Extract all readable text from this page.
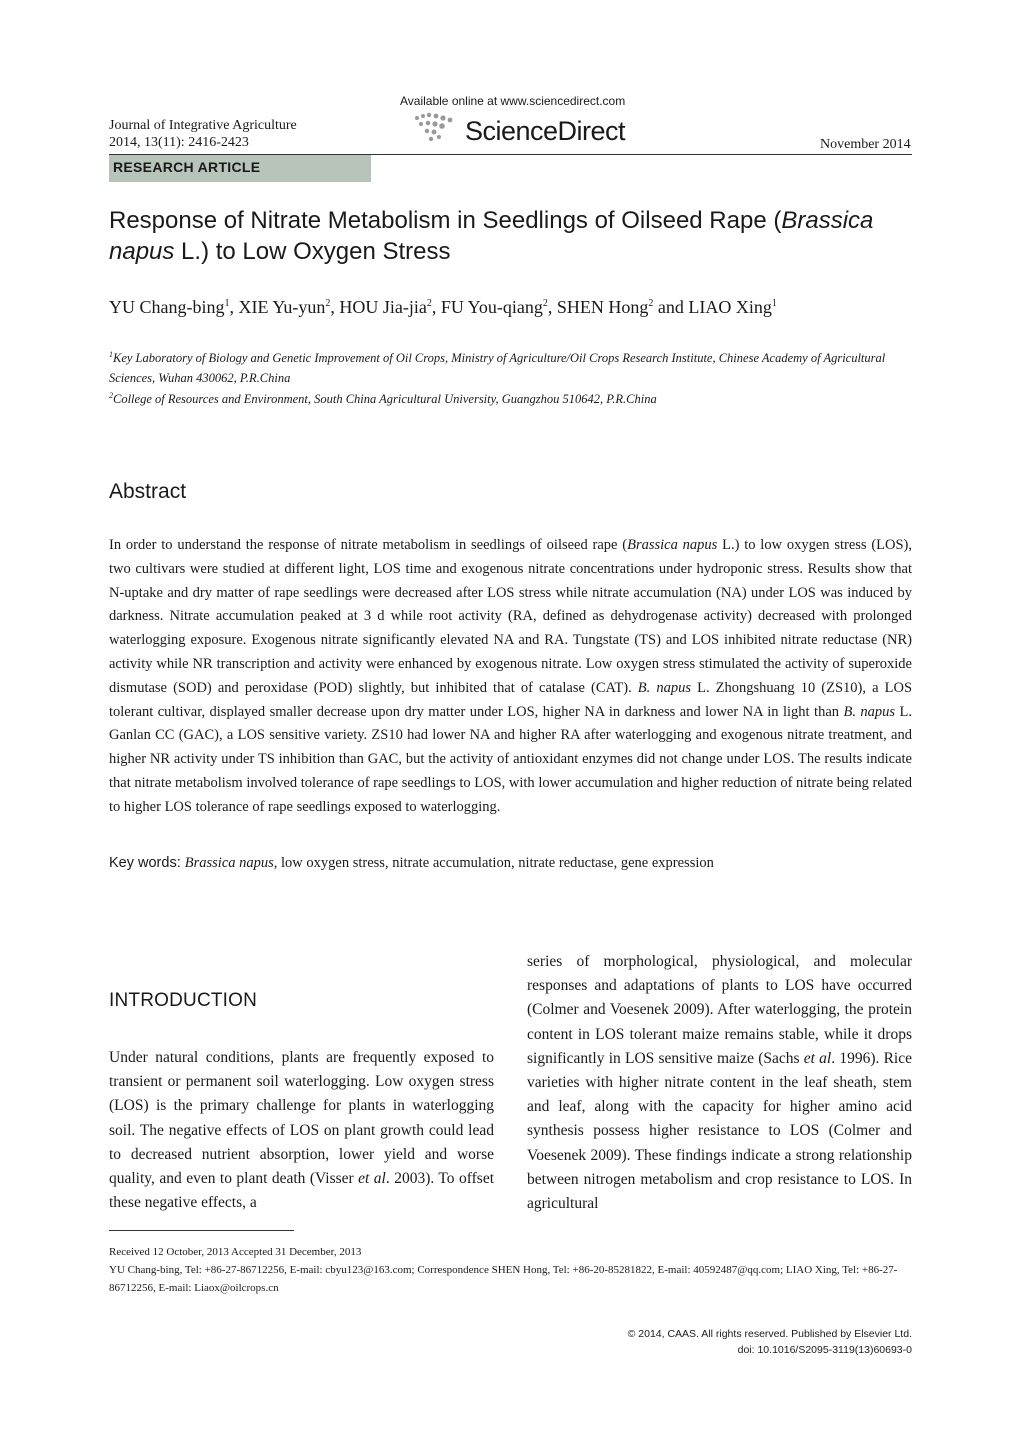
Available online at www.sciencedirect.com
ScienceDirect
Journal of Integrative Agriculture
2014, 13(11): 2416-2423	November 2014
RESEARCH ARTICLE
Response of Nitrate Metabolism in Seedlings of Oilseed Rape (Brassica napus L.) to Low Oxygen Stress
YU Chang-bing$^1$, XIE Yu-yun$^2$, HOU Jia-jia$^2$, FU You-qiang$^2$, SHEN Hong$^2$ and LIAO Xing$^1$
$^1$Key Laboratory of Biology and Genetic Improvement of Oil Crops, Ministry of Agriculture/Oil Crops Research Institute, Chinese Academy of Agricultural Sciences, Wuhan 430062, P.R.China
$^2$College of Resources and Environment, South China Agricultural University, Guangzhou 510642, P.R.China
Abstract
In order to understand the response of nitrate metabolism in seedlings of oilseed rape (Brassica napus L.) to low oxygen stress (LOS), two cultivars were studied at different light, LOS time and exogenous nitrate concentrations under hydroponic stress. Results show that N-uptake and dry matter of rape seedlings were decreased after LOS stress while nitrate accumulation (NA) under LOS was induced by darkness. Nitrate accumulation peaked at 3 d while root activity (RA, defined as dehydrogenase activity) decreased with prolonged waterlogging exposure. Exogenous nitrate significantly elevated NA and RA. Tungstate (TS) and LOS inhibited nitrate reductase (NR) activity while NR transcription and activity were enhanced by exogenous nitrate. Low oxygen stress stimulated the activity of superoxide dismutase (SOD) and peroxidase (POD) slightly, but inhibited that of catalase (CAT). B. napus L. Zhongshuang 10 (ZS10), a LOS tolerant cultivar, displayed smaller decrease upon dry matter under LOS, higher NA in darkness and lower NA in light than B. napus L. Ganlan CC (GAC), a LOS sensitive variety. ZS10 had lower NA and higher RA after waterlogging and exogenous nitrate treatment, and higher NR activity under TS inhibition than GAC, but the activity of antioxidant enzymes did not change under LOS. The results indicate that nitrate metabolism involved tolerance of rape seedlings to LOS, with lower accumulation and higher reduction of nitrate being related to higher LOS tolerance of rape seedlings exposed to waterlogging.
Key words: Brassica napus, low oxygen stress, nitrate accumulation, nitrate reductase, gene expression
INTRODUCTION
Under natural conditions, plants are frequently exposed to transient or permanent soil waterlogging. Low oxygen stress (LOS) is the primary challenge for plants in waterlogging soil. The negative effects of LOS on plant growth could lead to decreased nutrient absorption, lower yield and worse quality, and even to plant death (Visser et al. 2003). To offset these negative effects, a
series of morphological, physiological, and molecular responses and adaptations of plants to LOS have occurred (Colmer and Voesenek 2009). After waterlogging, the protein content in LOS tolerant maize remains stable, while it drops significantly in LOS sensitive maize (Sachs et al. 1996). Rice varieties with higher nitrate content in the leaf sheath, stem and leaf, along with the capacity for higher amino acid synthesis possess higher resistance to LOS (Colmer and Voesenek 2009). These findings indicate a strong relationship between nitrogen metabolism and crop resistance to LOS. In agricultural
Received 12 October, 2013 Accepted 31 December, 2013
YU Chang-bing, Tel: +86-27-86712256, E-mail: cbyu123@163.com; Correspondence SHEN Hong, Tel: +86-20-85281822, E-mail: 40592487@qq.com; LIAO Xing, Tel: +86-27-86712256, E-mail: Liaox@oilcrops.cn
© 2014, CAAS. All rights reserved. Published by Elsevier Ltd.
doi: 10.1016/S2095-3119(13)60693-0
